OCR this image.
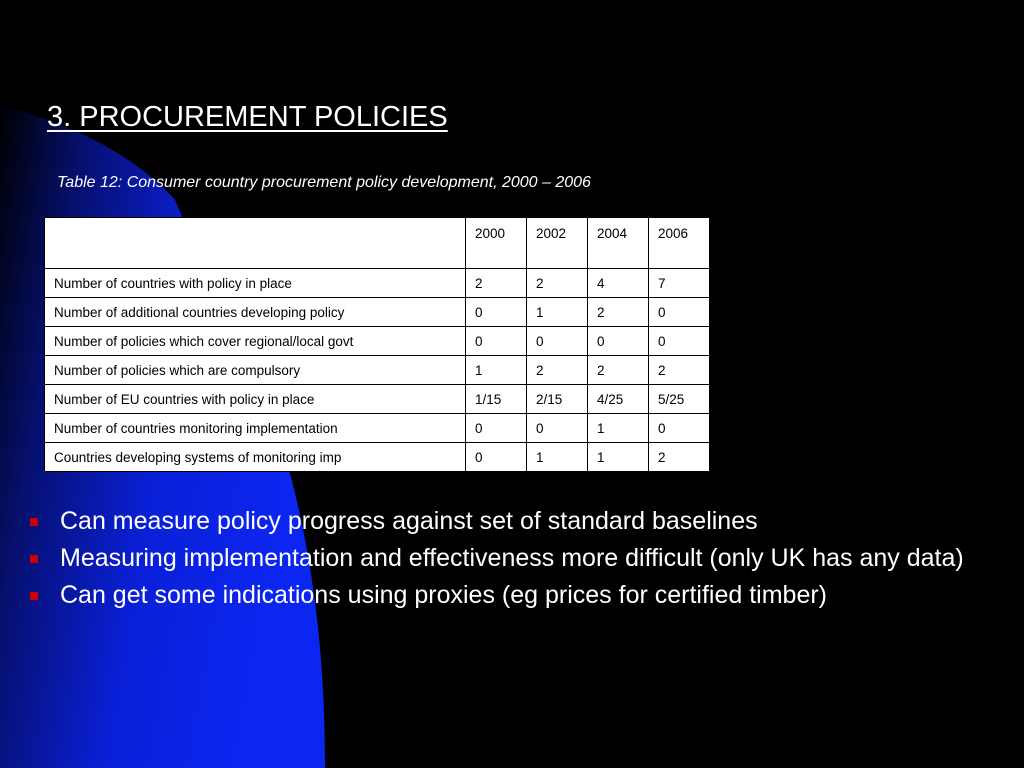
3. PROCUREMENT POLICIES

Table 12: Consumer country procurement policy development, 2000 – 2006

	2000	2002	2004	2006
Number of countries with policy in place	2	2	4	7
Number of additional countries developing policy	0	1	2	0
Number of policies which cover regional/local govt	0	0	0	0
Number of policies which are compulsory	1	2	2	2
Number of EU countries with policy in place	1/15	2/15	4/25	5/25
Number of countries monitoring implementation	0	0	1	0
Countries developing systems of monitoring imp	0	1	1	2
Can measure policy progress against set of standard baselines
Measuring implementation and effectiveness more difficult (only UK has any data)
Can get some indications using proxies (eg prices for certified timber)
